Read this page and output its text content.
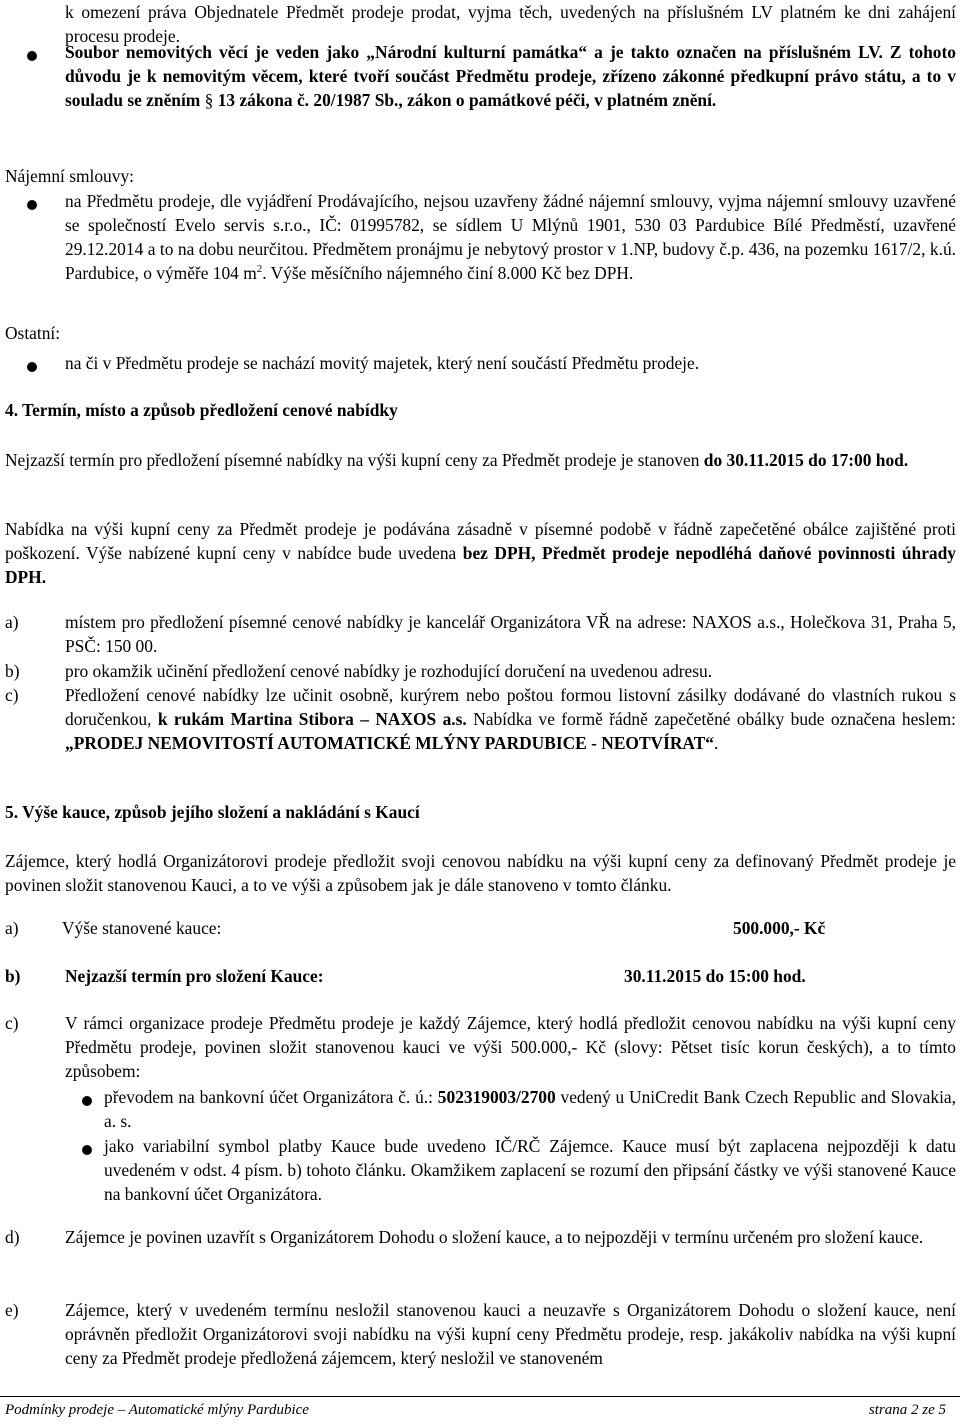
k omezení práva Objednatele Předmět prodeje prodat, vyjma těch, uvedených na příslušném LV platném ke dni zahájení procesu prodeje.

Soubor nemovitých věcí je veden jako „Národní kulturní památka“ a je takto označen na příslušném LV. Z tohoto důvodu je k nemovitým věcem, které tvoří součást Předmětu prodeje, zřízeno zákonné předkupní právo státu, a to v souladu se zněním § 13 zákona č. 20/1987 Sb., zákon o památkové péči, v platném znění.

Nájemní smlouvy:

na Předmětu prodeje, dle vyjádření Prodávajícího, nejsou uzavřeny žádné nájemní smlouvy, vyjma nájemní smlouvy uzavřené se společností Evelo servis s.r.o., IČ: 01995782, se sídlem U Mlýnů 1901, 530 03 Pardubice Bílé Předměstí, uzavřené 29.12.2014 a to na dobu neurčitou. Předmětem pronájmu je nebytový prostor v 1.NP, budovy č.p. 436, na pozemku 1617/2, k.ú. Pardubice, o výměře 104 $m^2$. Výše měsíčního nájemného činí 8.000 Kč bez DPH.

Ostatní:

na či v Předmětu prodeje se nachází movitý majetek, který není součástí Předmětu prodeje.

4. Termín, místo a způsob předložení cenové nabídky

Nejzazší termín pro předložení písemné nabídky na výši kupní ceny za Předmět prodeje je stanoven do 30.11.2015 do 17:00 hod.

Nabídka na výši kupní ceny za Předmět prodeje je podávána zásadně v písemné podobě v řádně zapečetěné obálce zajištěné proti poškození. Výše nabízené kupní ceny v nabídce bude uvedena bez DPH, Předmět prodeje nepodléhá daňové povinnosti úhrady DPH.

a)	místem pro předložení písemné cenové nabídky je kancelář Organizátora VŘ na adrese: NAXOS a.s., Holečkova 31, Praha 5, PSČ: 150 00.

b)	pro okamžik učinění předložení cenové nabídky je rozhodující doručení na uvedenou adresu.

c)	Předložení cenové nabídky lze učinit osobně, kurýrem nebo poštou formou listovní zásilky dodávané do vlastních rukou s doručenkou, k rukám Martina Stibora – NAXOS a.s. Nabídka ve formě řádně zapečetěné obálky bude označena heslem: „PRODEJ NEMOVITOSTÍ AUTOMATICKÉ MLÝNY PARDUBICE - NEOTVÍRAT“.

5. Výše kauce, způsob jejího složení a nakládání s Kaucí

Zájemce, který hodlá Organizátorovi prodeje předložit svoji cenovou nabídku na výši kupní ceny za definovaný Předmět prodeje je povinen složit stanovenou Kauci, a to ve výši a způsobem jak je dále stanoveno v tomto článku.

a)	Výše stanovené kauce:	500.000,- Kč
b)	Nejzazší termín pro složení Kauce:	30.11.2015 do 15:00 hod.
c)	V rámci organizace prodeje Předmětu prodeje je každý Zájemce, který hodlá předložit cenovou nabídku na výši kupní ceny Předmětu prodeje, povinen složit stanovenou kauci ve výši 500.000,- Kč (slovy: Pětset tisíc korun českých), a to tímto způsobem:

převodem na bankovní účet Organizátora č. ú.: 502319003/2700 vedený u UniCredit Bank Czech Republic and Slovakia, a. s.

jako variabilní symbol platby Kauce bude uvedeno IČ/RČ Zájemce. Kauce musí být zaplacena nejpozději k datu uvedeném v odst. 4 písm. b) tohoto článku. Okamžikem zaplacení se rozumí den připsání částky ve výši stanovené Kauce na bankovní účet Organizátora.

d)	Zájemce je povinen uzavřít s Organizátorem Dohodu o složení kauce, a to nejpozději v termínu určeném pro složení kauce.

e)	Zájemce, který v uvedeném termínu nesložil stanovenou kauci a neuzavře s Organizátorem Dohodu o složení kauce, není oprávněn předložit Organizátorovi svoji nabídku na výši kupní ceny Předmětu prodeje, resp. jakákoliv nabídka na výši kupní ceny za Předmět prodeje předložená zájemcem, který nesložil ve stanoveném

Podmínky prodeje – Automatické mlýny Pardubice	strana 2 ze 5
